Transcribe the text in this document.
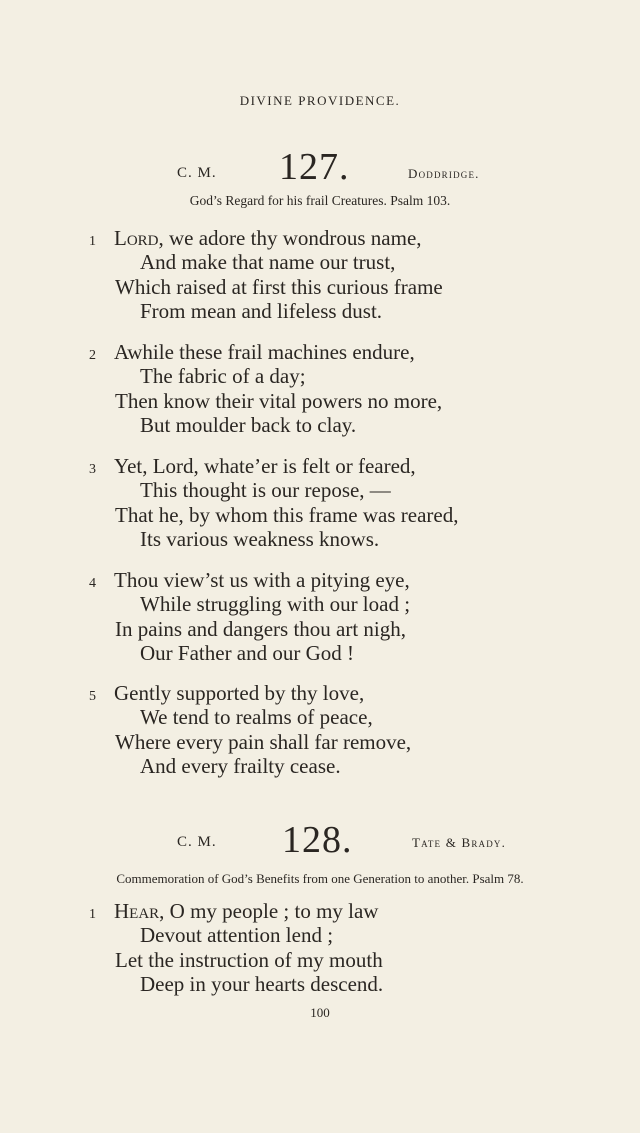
DIVINE PROVIDENCE.
C. M. 127.	Doddridge.
God’s Regard for his frail Creatures. Psalm 103.
1 Lord, we adore thy wondrous name,
And make that name our trust,
Which raised at first this curious frame
From mean and lifeless dust.
2 Awhile these frail machines endure,
The fabric of a day;
Then know their vital powers no more,
But moulder back to clay.
3 Yet, Lord, whate’er is felt or feared,
This thought is our repose, —
That he, by whom this frame was reared,
Its various weakness knows.
4 Thou view’st us with a pitying eye,
While struggling with our load ;
In pains and dangers thou art nigh,
Our Father and our God !
5 Gently supported by thy love,
We tend to realms of peace,
Where every pain shall far remove,
And every frailty cease.
C. M. 128.	Tate & Brady.
Commemoration of God’s Benefits from one Generation to another. Psalm 78.
1 Hear, O my people ; to my law
Devout attention lend ;
Let the instruction of my mouth
Deep in your hearts descend.
100
